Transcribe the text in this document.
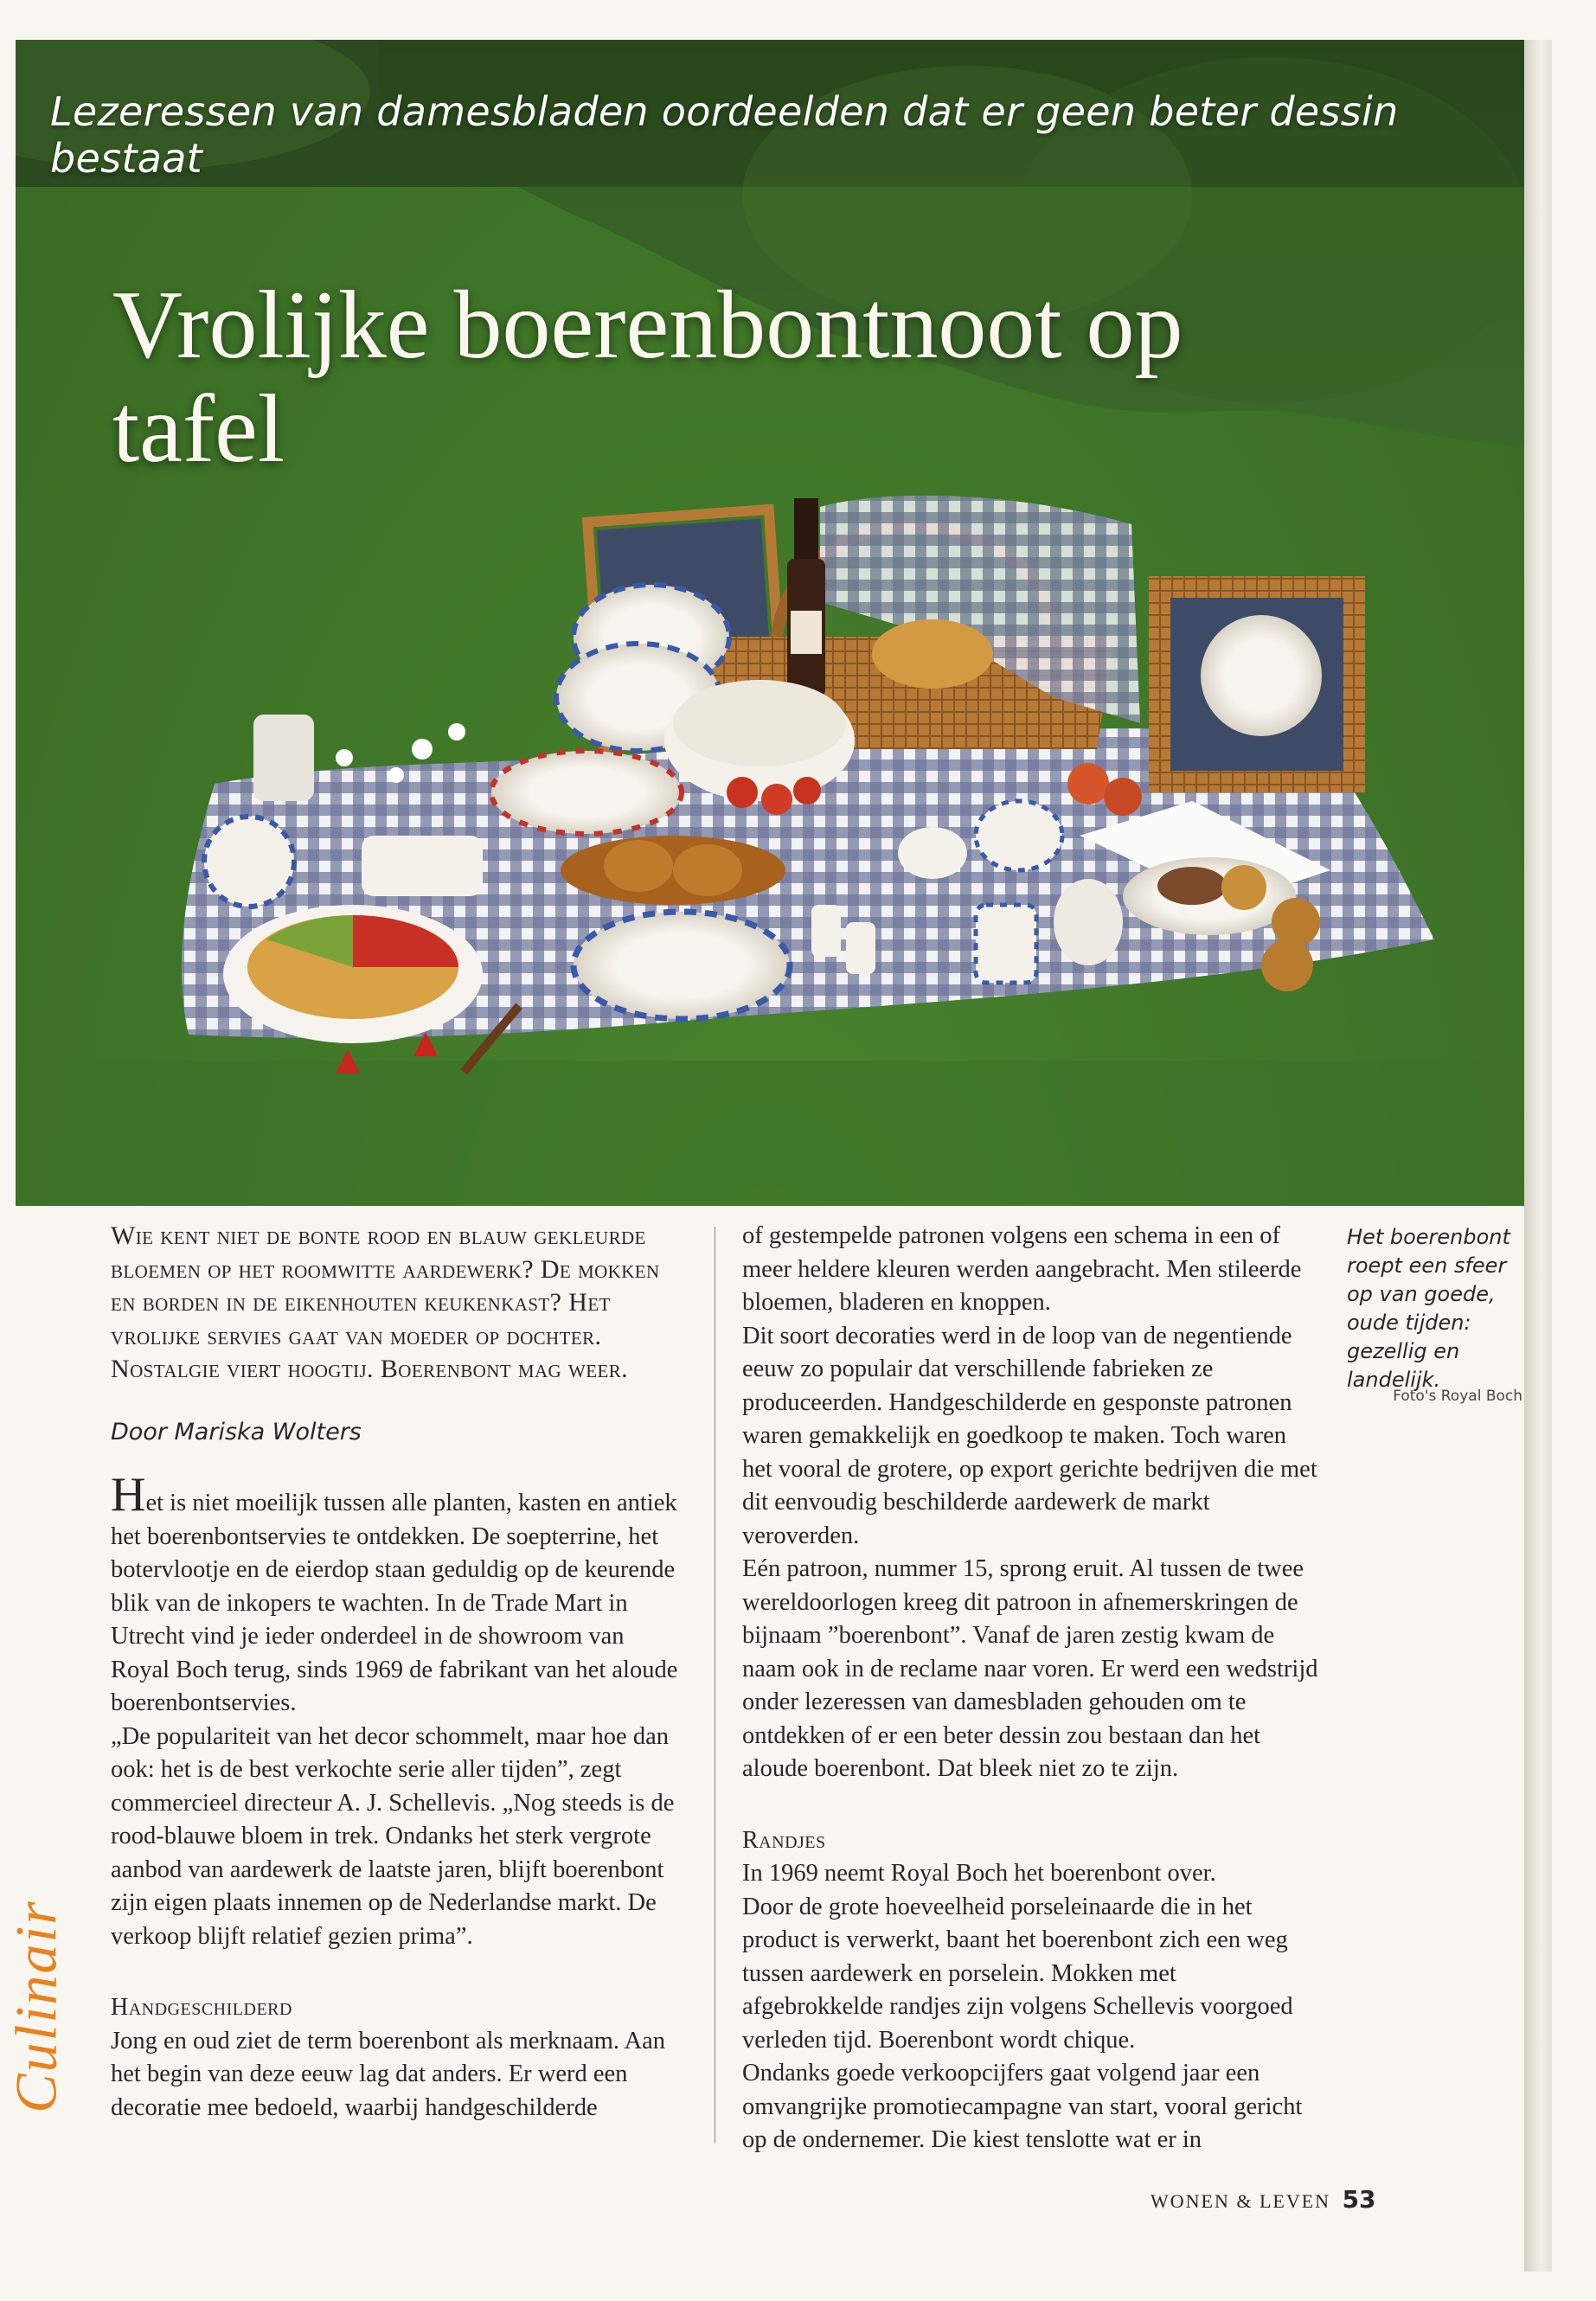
Lezeressen van damesbladen oordeelden dat er geen beter dessin bestaat

Vrolijke boerenbontnoot op tafel

Wie kent niet de bonte rood en blauw gekleurde bloemen op het roomwitte aardewerk? De mokken en borden in de eikenhouten keukenkast? Het vrolijke servies gaat van moeder op dochter. Nostalgie viert hoogtij. Boerenbont mag weer.

Door Mariska Wolters

Het is niet moeilijk tussen alle planten, kasten en antiek het boerenbontservies te ontdekken. De soepterrine, het botervlootje en de eierdop staan geduldig op de keurende blik van de inkopers te wachten. In de Trade Mart in Utrecht vind je ieder onderdeel in de showroom van Royal Boch terug, sinds 1969 de fabrikant van het aloude boerenbontservies.

„De populariteit van het decor schommelt, maar hoe dan ook: het is de best verkochte serie aller tijden”, zegt commercieel directeur A. J. Schellevis. „Nog steeds is de rood-blauwe bloem in trek. Ondanks het sterk vergrote aanbod van aardewerk de laatste jaren, blijft boerenbont zijn eigen plaats innemen op de Nederlandse markt. De verkoop blijft relatief gezien prima”.

Handgeschilderd

Jong en oud ziet de term boerenbont als merknaam. Aan het begin van deze eeuw lag dat anders. Er werd een decoratie mee bedoeld, waarbij handgeschilderde

of gestempelde patronen volgens een schema in een of meer heldere kleuren werden aangebracht. Men stileerde bloemen, bladeren en knoppen.

Dit soort decoraties werd in de loop van de negentiende eeuw zo populair dat verschillende fabrieken ze produceerden. Handgeschilderde en gesponste patronen waren gemakkelijk en goedkoop te maken. Toch waren het vooral de grotere, op export gerichte bedrijven die met dit eenvoudig beschilderde aardewerk de markt veroverden.

Eén patroon, nummer 15, sprong eruit. Al tussen de twee wereldoorlogen kreeg dit patroon in afnemerskringen de bijnaam ”boerenbont”. Vanaf de jaren zestig kwam de naam ook in de reclame naar voren. Er werd een wedstrijd onder lezeressen van damesbladen gehouden om te ontdekken of er een beter dessin zou bestaan dan het aloude boerenbont. Dat bleek niet zo te zijn.

Randjes

In 1969 neemt Royal Boch het boerenbont over.

Door de grote hoeveelheid porseleinaarde die in het product is verwerkt, baant het boerenbont zich een weg tussen aardewerk en porselein. Mokken met afgebrokkelde randjes zijn volgens Schellevis voorgoed verleden tijd. Boerenbont wordt chique.

Ondanks goede verkoopcijfers gaat volgend jaar een omvangrijke promotiecampagne van start, vooral gericht op de ondernemer. Die kiest tenslotte wat er in

Het boerenbont roept een sfeer op van goede, oude tijden: gezellig en landelijk.
Foto's Royal Boch
Culinair
WONEN & LEVEN 53
